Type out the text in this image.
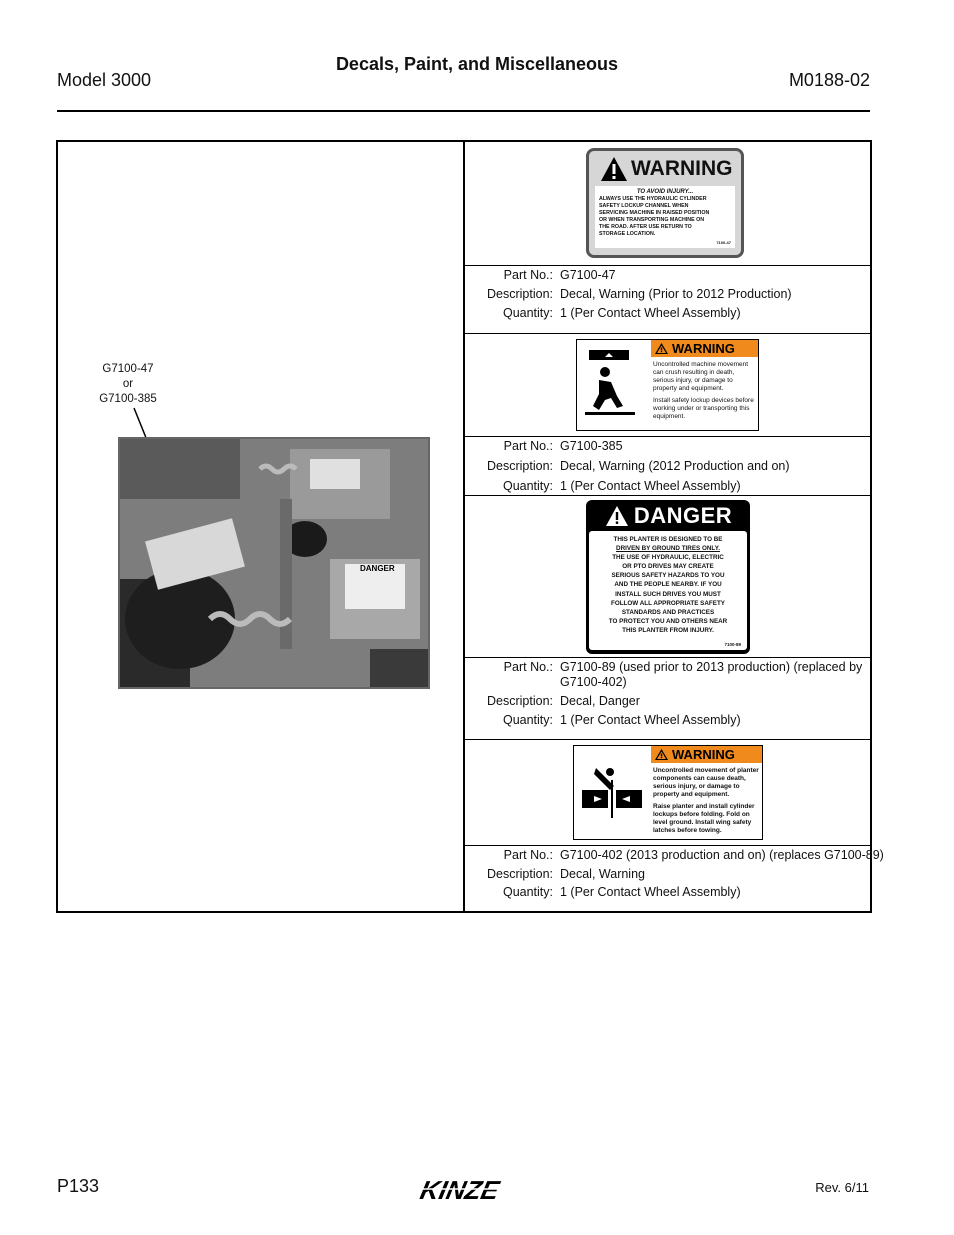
Decals, Paint, and Miscellaneous
Model 3000	M0188-02
G7100-47
or
G7100-385
DANGER
WARNING
TO AVOID INJURY...
ALWAYS USE THE HYDRAULIC CYLINDER
SAFETY LOCKUP CHANNEL WHEN
SERVICING MACHINE IN RAISED POSITION
OR WHEN TRANSPORTING MACHINE ON
THE ROAD. AFTER USE RETURN TO
STORAGE LOCATION.
7100-47
Part No.: G7100-47
Description: Decal, Warning (Prior to 2012 Production)
Quantity: 1 (Per Contact Wheel Assembly)
WARNING
Uncontrolled machine movement can crush resulting in death, serious injury, or damage to property and equipment.
Install safety lockup devices before working under or transporting this equipment.
Part No.: G7100-385
Description: Decal, Warning (2012 Production and on)
Quantity: 1 (Per Contact Wheel Assembly)
DANGER
THIS PLANTER IS DESIGNED TO BE
DRIVEN BY GROUND TIRES ONLY.
THE USE OF HYDRAULIC, ELECTRIC
OR PTO DRIVES MAY CREATE
SERIOUS SAFETY HAZARDS TO YOU
AND THE PEOPLE NEARBY. IF YOU
INSTALL SUCH DRIVES YOU MUST
FOLLOW ALL APPROPRIATE SAFETY
STANDARDS AND PRACTICES
TO PROTECT YOU AND OTHERS NEAR
THIS PLANTER FROM INJURY.
7100-89
Part No.: G7100-89 (used prior to 2013 production) (replaced by G7100-402)
Description: Decal, Danger
Quantity: 1 (Per Contact Wheel Assembly)
WARNING
Uncontrolled movement of planter components can cause death, serious injury, or damage to property and equipment.
Raise planter and install cylinder lockups before folding. Fold on level ground. Install wing safety latches before towing.
Part No.: G7100-402 (2013 production and on) (replaces G7100-89)
Description: Decal, Warning
Quantity: 1 (Per Contact Wheel Assembly)
P133	KINZE	Rev. 6/11
